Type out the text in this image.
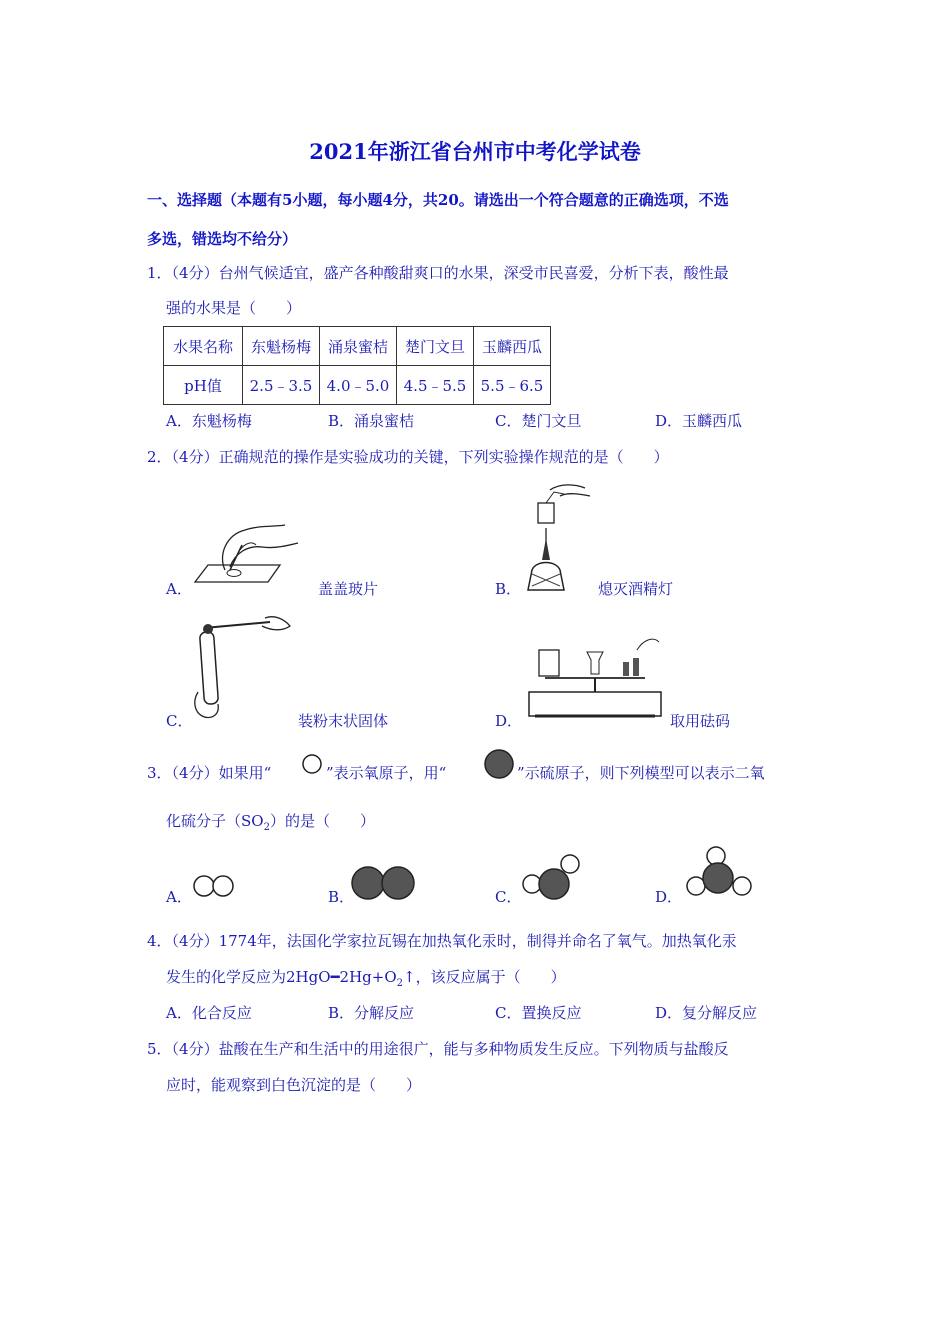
2021年浙江省台州市中考化学试卷
一、选择题（本题有5小题，每小题4分，共20。请选出一个符合题意的正确选项，不选
多选，错选均不给分）
1．（4分）台州气候适宜，盛产各种酸甜爽口的水果，深受市民喜爱，分析下表，酸性最
强的水果是（　　）
水果名称	东魁杨梅	涌泉蜜桔	楚门文旦	玉麟西瓜
pH值	2.5﹣3.5	4.0﹣5.0	4.5﹣5.5	5.5﹣6.5
A．东魁杨梅	B．涌泉蜜桔	C．楚门文旦	D．玉麟西瓜
2．（4分）正确规范的操作是实验成功的关键，下列实验操作规范的是（　　）
A．	盖盖玻片	B．	熄灭酒精灯
C．	装粉末状固体	D．	取用砝码
3．（4分）如果用“	”表示氧原子，用“	”示硫原子，则下列模型可以表示二氧
化硫分子$(SO_2)$的是（　　）
A．	B．	C．	D．
4．（4分）1774年，法国化学家拉瓦锡在加热氧化汞时，制得并命名了氧气。加热氧化汞
发生的化学反应为$2HgO━2Hg+O_2↑$，该反应属于（　　）
A．化合反应	B．分解反应	C．置换反应	D．复分解反应
5．（4分）盐酸在生产和生活中的用途很广，能与多种物质发生反应。下列物质与盐酸反
应时，能观察到白色沉淀的是（　　）
